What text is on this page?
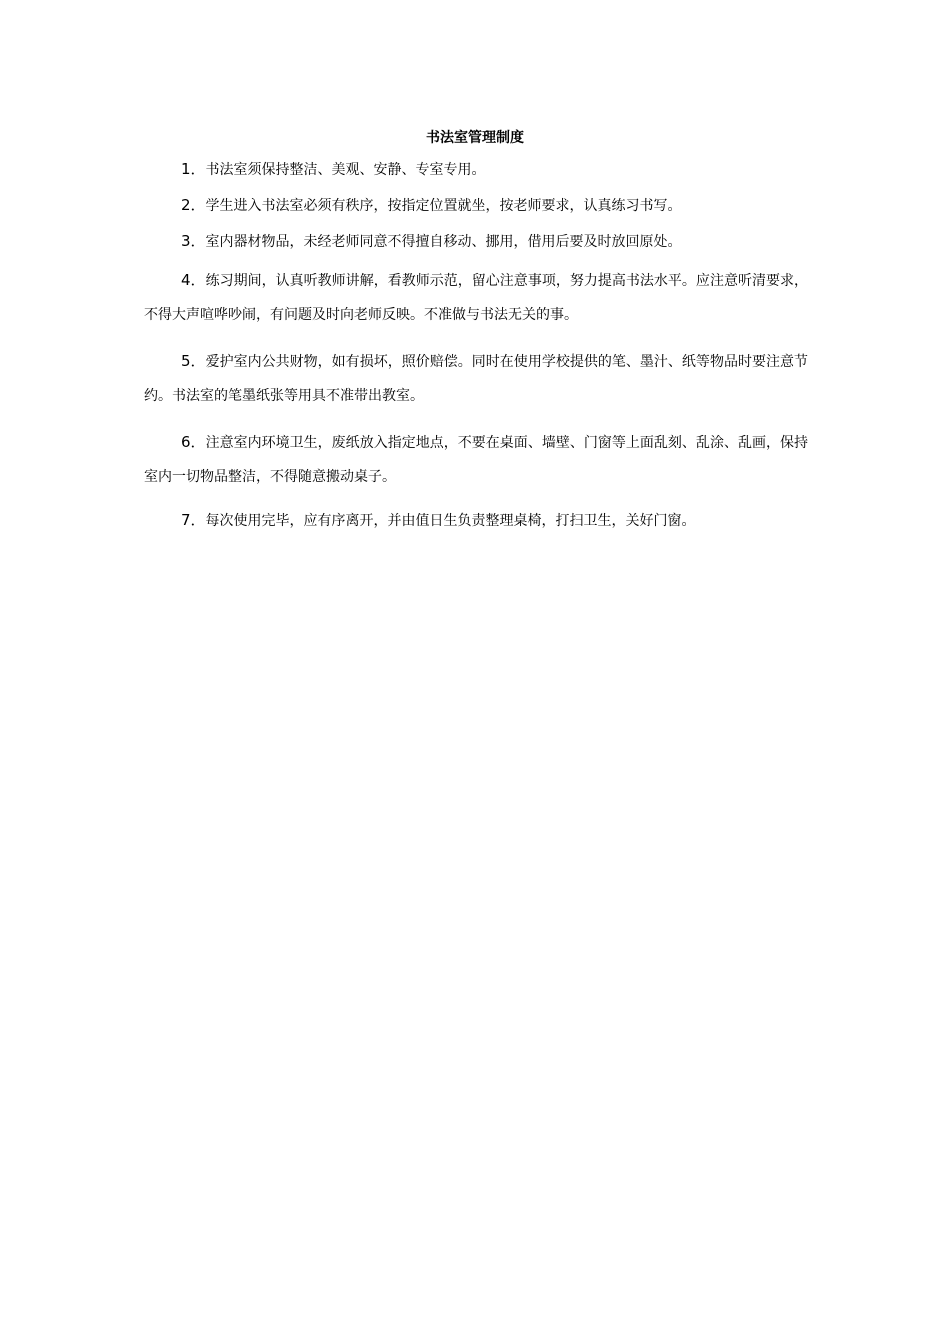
书法室管理制度

1．书法室须保持整洁、美观、安静、专室专用。

2．学生进入书法室必须有秩序，按指定位置就坐，按老师要求，认真练习书写。

3．室内器材物品，未经老师同意不得擅自移动、挪用，借用后要及时放回原处。

4．练习期间，认真听教师讲解，看教师示范，留心注意事项，努力提高书法水平。应注意听清要求，不得大声喧哗吵闹，有问题及时向老师反映。不准做与书法无关的事。

5．爱护室内公共财物，如有损坏，照价赔偿。同时在使用学校提供的笔、墨汁、纸等物品时要注意节约。书法室的笔墨纸张等用具不准带出教室。

6．注意室内环境卫生，废纸放入指定地点，不要在桌面、墙壁、门窗等上面乱刻、乱涂、乱画，保持室内一切物品整洁，不得随意搬动桌子。

7．每次使用完毕，应有序离开，并由值日生负责整理桌椅，打扫卫生，关好门窗。
